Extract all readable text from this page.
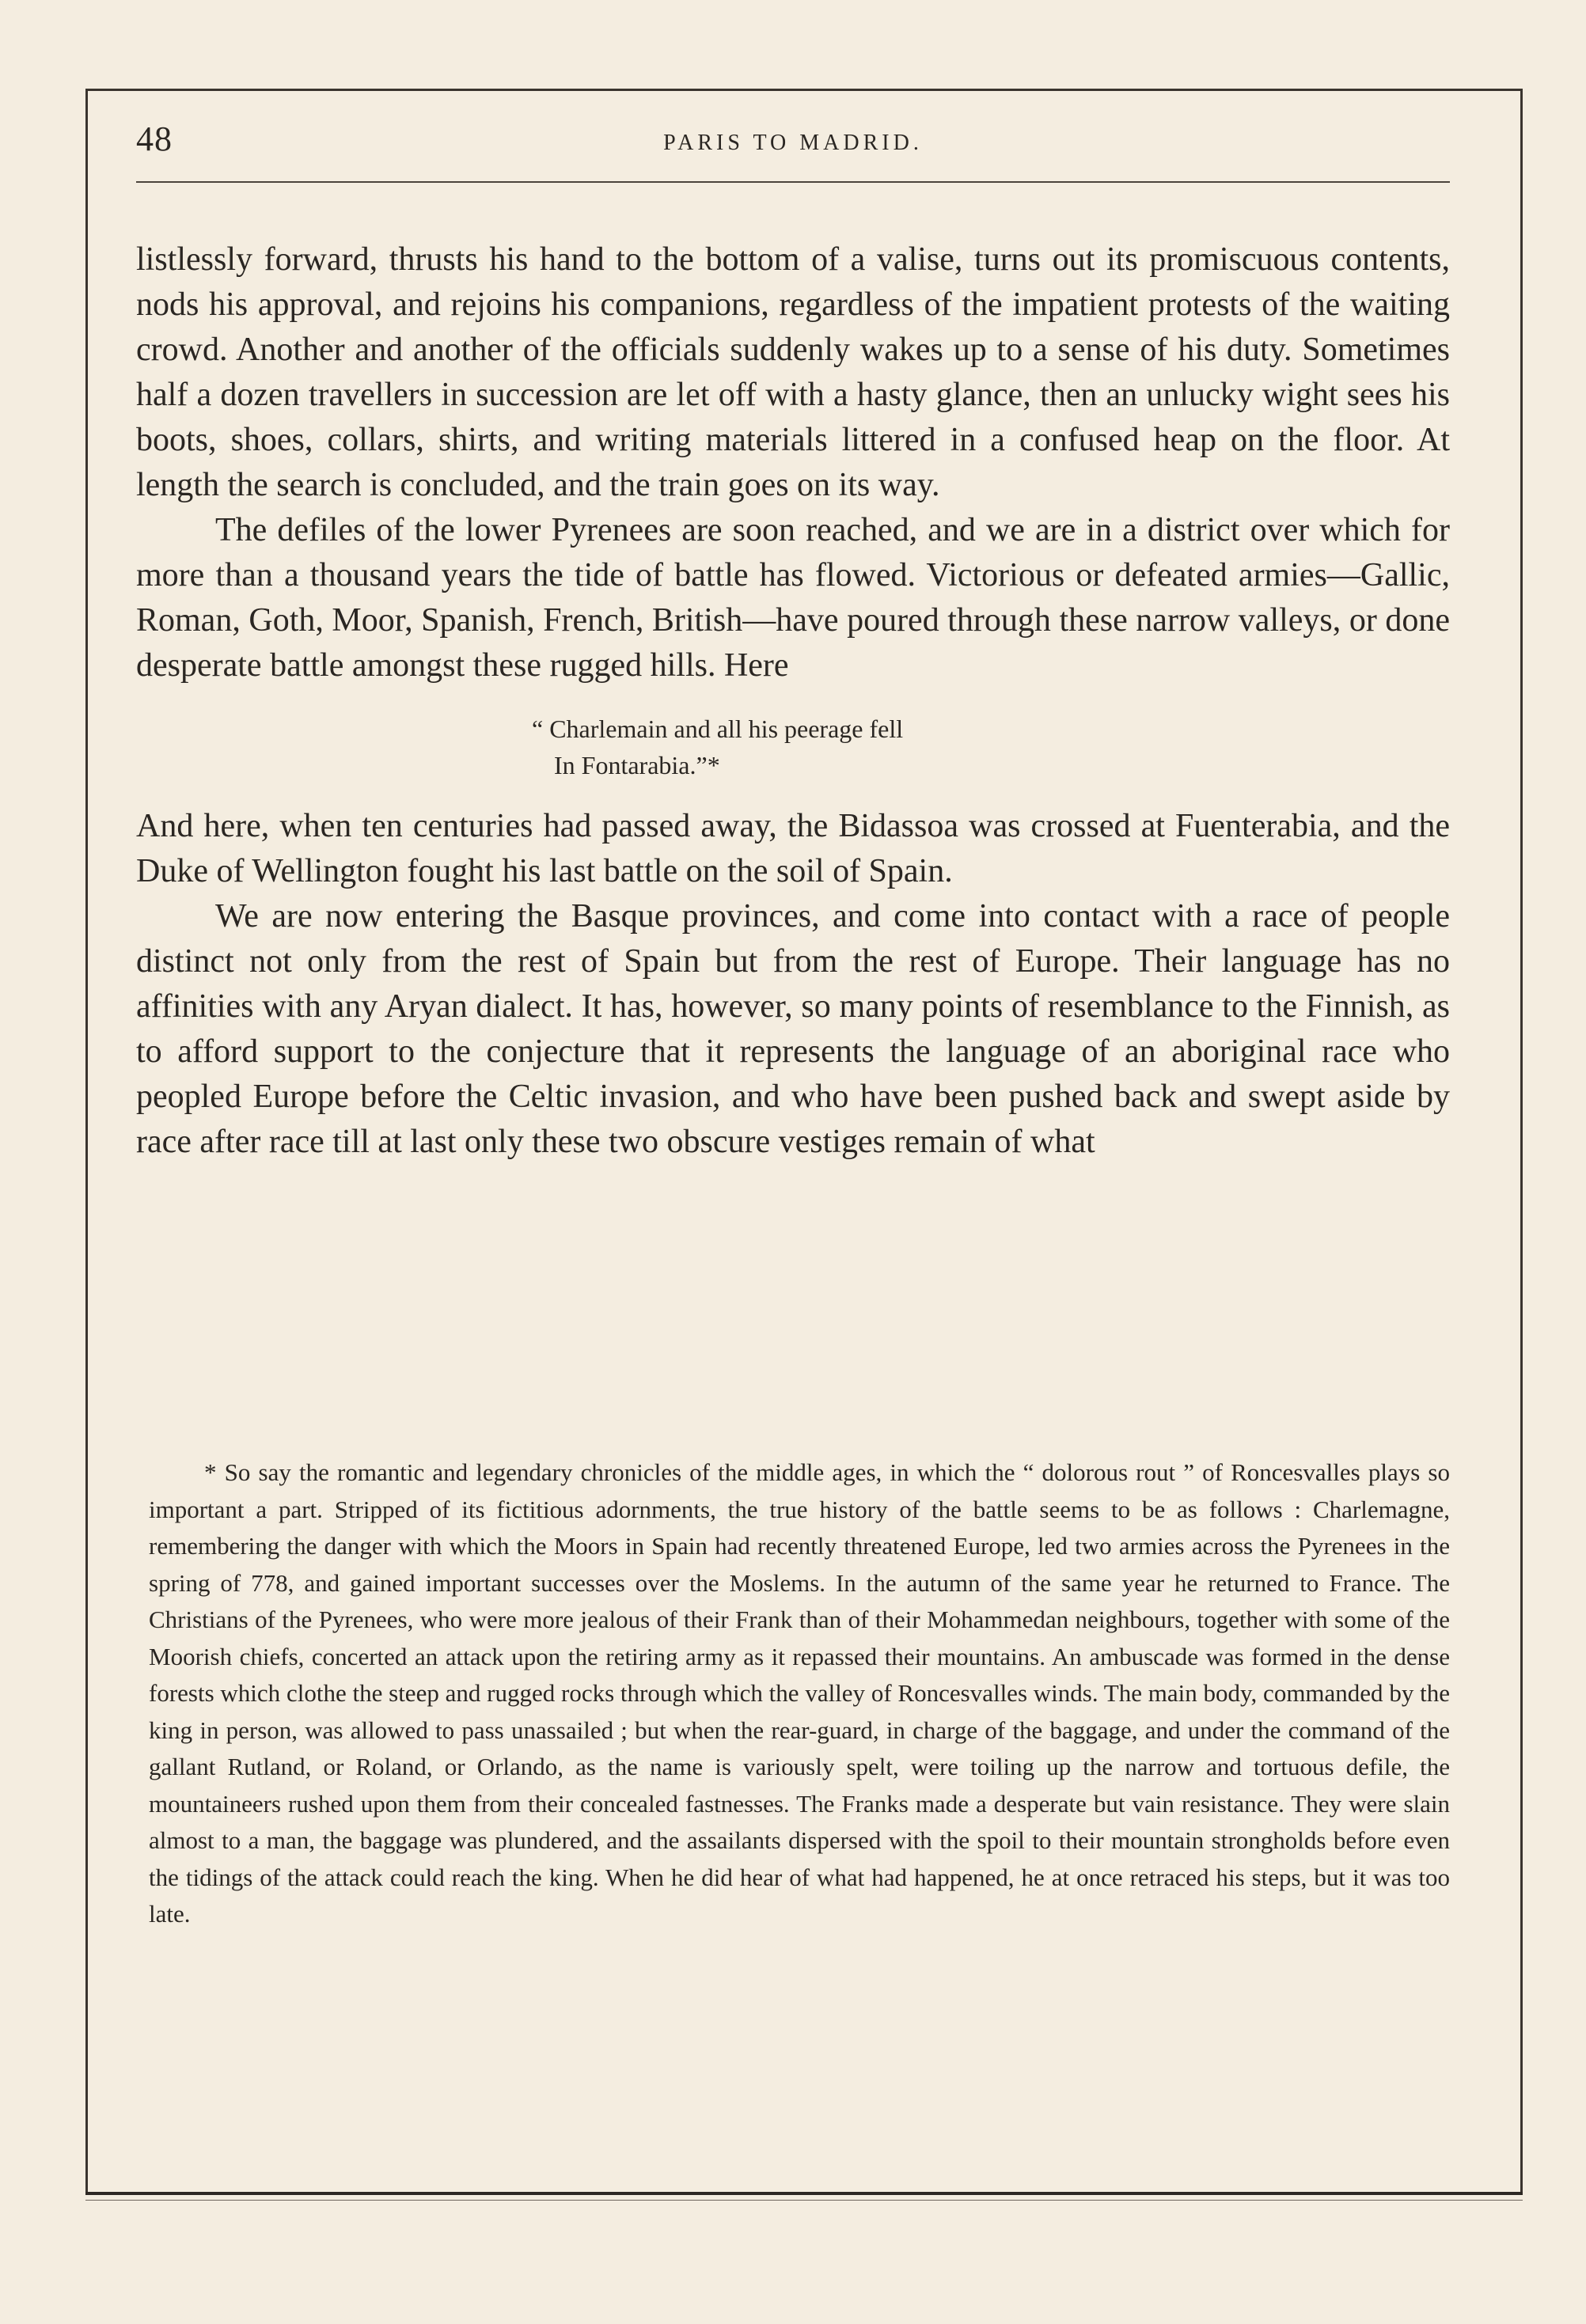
48	PARIS TO MADRID.

listlessly forward, thrusts his hand to the bottom of a valise, turns out its promiscuous contents, nods his approval, and rejoins his companions, regardless of the impatient protests of the waiting crowd. Another and another of the officials suddenly wakes up to a sense of his duty. Sometimes half a dozen travellers in succession are let off with a hasty glance, then an unlucky wight sees his boots, shoes, collars, shirts, and writing materials littered in a confused heap on the floor. At length the search is concluded, and the train goes on its way.

The defiles of the lower Pyrenees are soon reached, and we are in a district over which for more than a thousand years the tide of battle has flowed. Victorious or defeated armies—Gallic, Roman, Goth, Moor, Spanish, French, British—have poured through these narrow valleys, or done desperate battle amongst these rugged hills. Here

“ Charlemain and all his peerage fell
In Fontarabia.”*

And here, when ten centuries had passed away, the Bidassoa was crossed at Fuenterabia, and the Duke of Wellington fought his last battle on the soil of Spain.

We are now entering the Basque provinces, and come into contact with a race of people distinct not only from the rest of Spain but from the rest of Europe. Their language has no affinities with any Aryan dialect. It has, however, so many points of resemblance to the Finnish, as to afford support to the conjecture that it represents the language of an aboriginal race who peopled Europe before the Celtic invasion, and who have been pushed back and swept aside by race after race till at last only these two obscure vestiges remain of what

* So say the romantic and legendary chronicles of the middle ages, in which the “ dolorous rout ” of Roncesvalles plays so important a part. Stripped of its fictitious adornments, the true history of the battle seems to be as follows : Charlemagne, remembering the danger with which the Moors in Spain had recently threatened Europe, led two armies across the Pyrenees in the spring of 778, and gained important successes over the Moslems. In the autumn of the same year he returned to France. The Christians of the Pyrenees, who were more jealous of their Frank than of their Mohammedan neighbours, together with some of the Moorish chiefs, concerted an attack upon the retiring army as it repassed their mountains. An ambuscade was formed in the dense forests which clothe the steep and rugged rocks through which the valley of Roncesvalles winds. The main body, commanded by the king in person, was allowed to pass unassailed ; but when the rear-guard, in charge of the baggage, and under the command of the gallant Rutland, or Roland, or Orlando, as the name is variously spelt, were toiling up the narrow and tortuous defile, the mountaineers rushed upon them from their concealed fastnesses. The Franks made a desperate but vain resistance. They were slain almost to a man, the baggage was plundered, and the assailants dispersed with the spoil to their mountain strongholds before even the tidings of the attack could reach the king. When he did hear of what had happened, he at once retraced his steps, but it was too late.
